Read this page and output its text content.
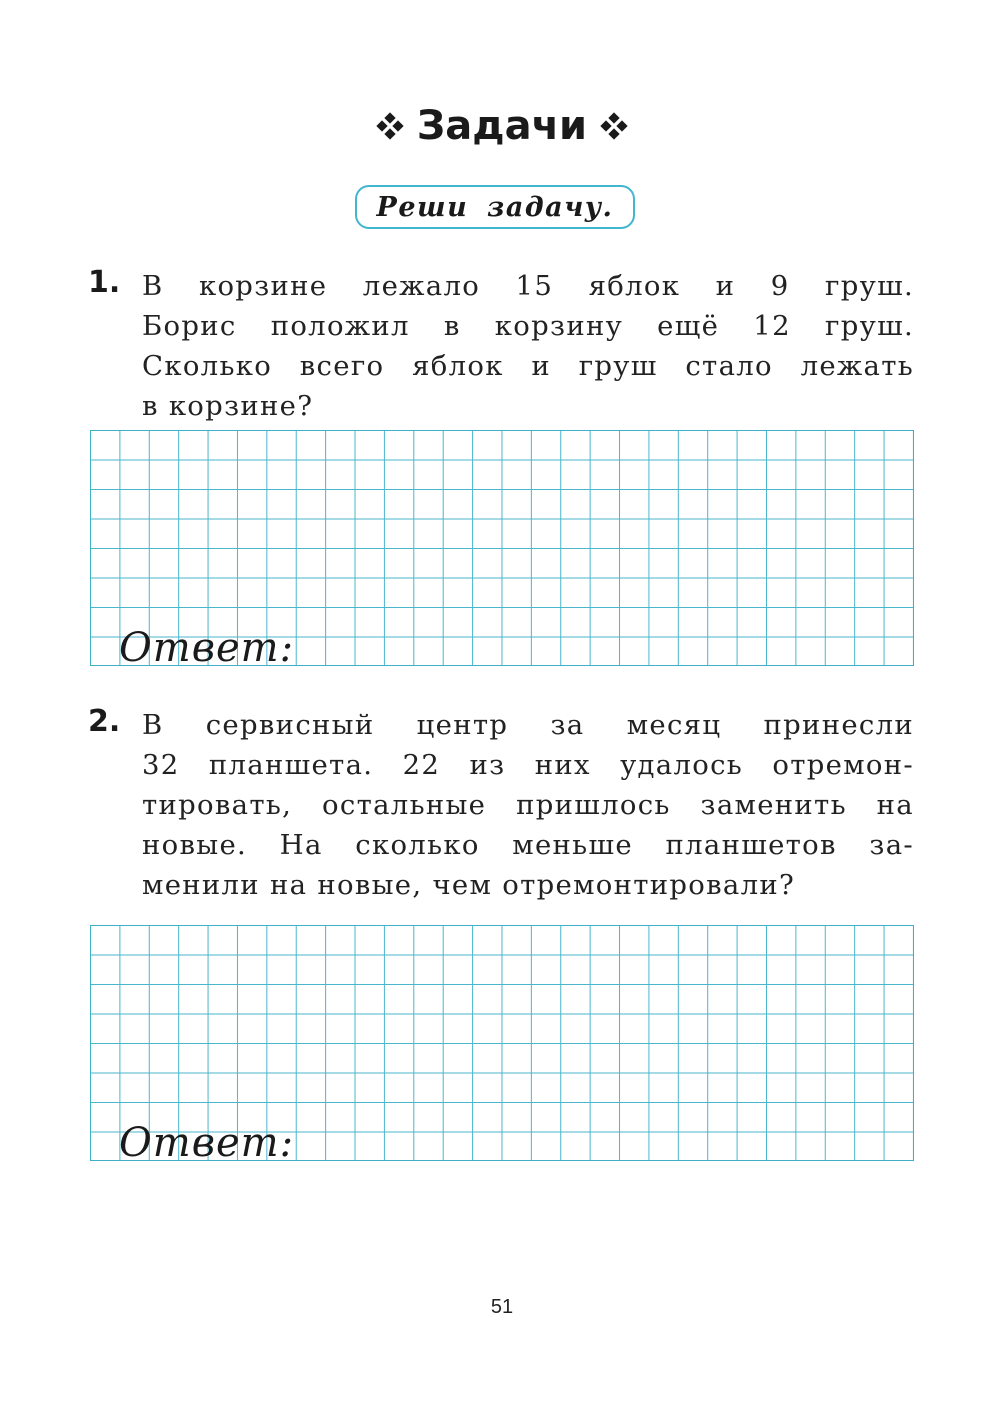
Задачи
Реши задачу.
1. В корзине лежало 15 яблок и 9 груш.
Борис положил в корзину ещё 12 груш.
Сколько всего яблок и груш стало лежать
в корзине?
Ответ:
2. В сервисный центр за месяц принесли
32 планшета. 22 из них удалось отремон-
тировать, остальные пришлось заменить на
новые. На сколько меньше планшетов за-
менили на новые, чем отремонтировали?
Ответ:
51
